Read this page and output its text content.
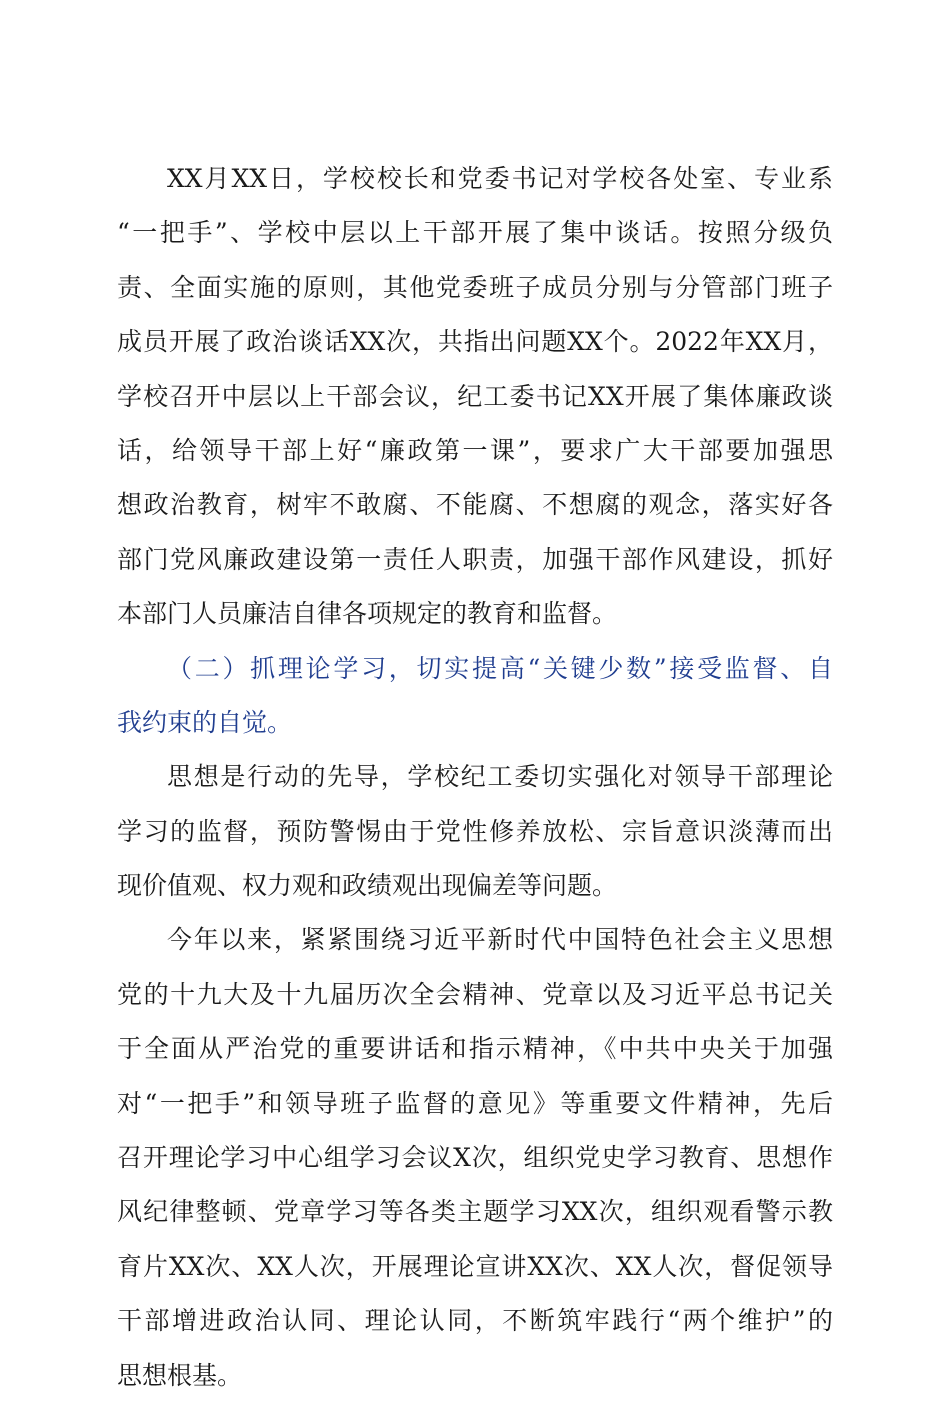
XX月XX日，学校校长和党委书记对学校各处室、专业系
“一把手”、学校中层以上干部开展了集中谈话。按照分级负
责、全面实施的原则，其他党委班子成员分别与分管部门班子
成员开展了政治谈话XX次，共指出问题XX个。2022年XX月，
学校召开中层以上干部会议，纪工委书记XX开展了集体廉政谈
话，给领导干部上好“廉政第一课”，要求广大干部要加强思
想政治教育，树牢不敢腐、不能腐、不想腐的观念，落实好各
部门党风廉政建设第一责任人职责，加强干部作风建设，抓好
本部门人员廉洁自律各项规定的教育和监督。
（二）抓理论学习，切实提高“关键少数”接受监督、自
我约束的自觉。
思想是行动的先导，学校纪工委切实强化对领导干部理论
学习的监督，预防警惕由于党性修养放松、宗旨意识淡薄而出
现价值观、权力观和政绩观出现偏差等问题。
今年以来，紧紧围绕习近平新时代中国特色社会主义思想
党的十九大及十九届历次全会精神、党章以及习近平总书记关
于全面从严治党的重要讲话和指示精神，《中共中央关于加强
对“一把手”和领导班子监督的意见》等重要文件精神，先后
召开理论学习中心组学习会议X次，组织党史学习教育、思想作
风纪律整顿、党章学习等各类主题学习XX次，组织观看警示教
育片XX次、XX人次，开展理论宣讲XX次、XX人次，督促领导
干部增进政治认同、理论认同，不断筑牢践行“两个维护”的
思想根基。
